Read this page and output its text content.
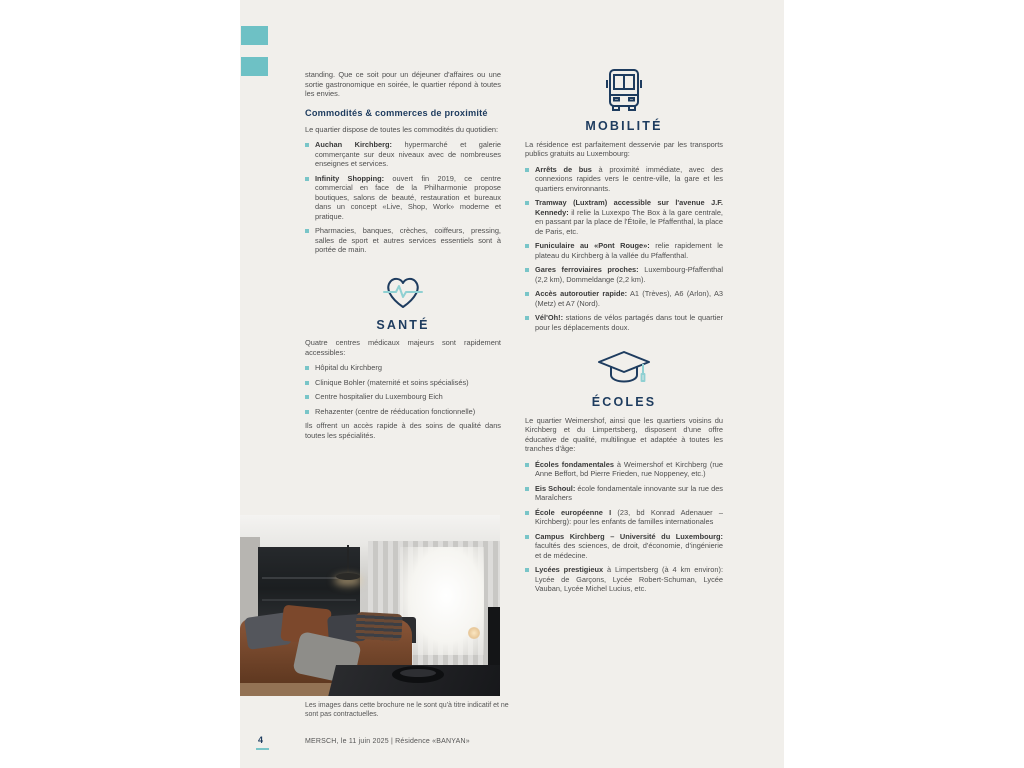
standing. Que ce soit pour un déjeuner d'affaires ou une sortie gastronomique en soirée, le quartier répond à toutes les envies.

Commodités & commerces de proximité

Le quartier dispose de toutes les commodités du quotidien:

Auchan Kirchberg: hypermarché et galerie commerçante sur deux niveaux avec de nombreuses enseignes et services.
Infinity Shopping: ouvert fin 2019, ce centre commercial en face de la Philharmonie propose boutiques, salons de beauté, restauration et bureaux dans un concept «Live, Shop, Work» moderne et pratique.
Pharmacies, banques, crèches, coiffeurs, pressing, salles de sport et autres services essentiels sont à portée de main.
SANTÉ

Quatre centres médicaux majeurs sont rapidement accessibles:

Hôpital du Kirchberg
Clinique Bohler (maternité et soins spécialisés)
Centre hospitalier du Luxembourg Eich
Rehazenter (centre de rééducation fonctionnelle)

Ils offrent un accès rapide à des soins de qualité dans toutes les spécialités.

Les images dans cette brochure ne le sont qu'à titre indicatif et ne sont pas contractuelles.
MOBILITÉ

La résidence est parfaitement desservie par les transports publics gratuits au Luxembourg:

Arrêts de bus à proximité immédiate, avec des connexions rapides vers le centre-ville, la gare et les quartiers environnants.
Tramway (Luxtram) accessible sur l'avenue J.F. Kennedy: il relie la Luxexpo The Box à la gare centrale, en passant par la place de l'Étoile, le Pfaffenthal, la place de Paris, etc.
Funiculaire au «Pont Rouge»: relie rapidement le plateau du Kirchberg à la vallée du Pfaffenthal.
Gares ferroviaires proches: Luxembourg-Pfaffenthal (2,2 km), Dommeldange (2,2 km).
Accès autoroutier rapide: A1 (Trèves), A6 (Arlon), A3 (Metz) et A7 (Nord).
Vél'Oh!: stations de vélos partagés dans tout le quartier pour les déplacements doux.
ÉCOLES

Le quartier Weimershof, ainsi que les quartiers voisins du Kirchberg et du Limpertsberg, disposent d'une offre éducative de qualité, multilingue et adaptée à toutes les tranches d'âge:

Écoles fondamentales à Weimershof et Kirchberg (rue Anne Beffort, bd Pierre Frieden, rue Noppeney, etc.)
Eis Schoul: école fondamentale innovante sur la rue des Maraîchers
École européenne I (23, bd Konrad Adenauer – Kirchberg): pour les enfants de familles internationales
Campus Kirchberg – Université du Luxembourg: facultés des sciences, de droit, d'économie, d'ingénierie et de médecine.
Lycées prestigieux à Limpertsberg (à 4 km environ): Lycée de Garçons, Lycée Robert-Schuman, Lycée Vauban, Lycée Michel Lucius, etc.
4	MERSCH, le 11 juin 2025 | Résidence «BANYAN»
